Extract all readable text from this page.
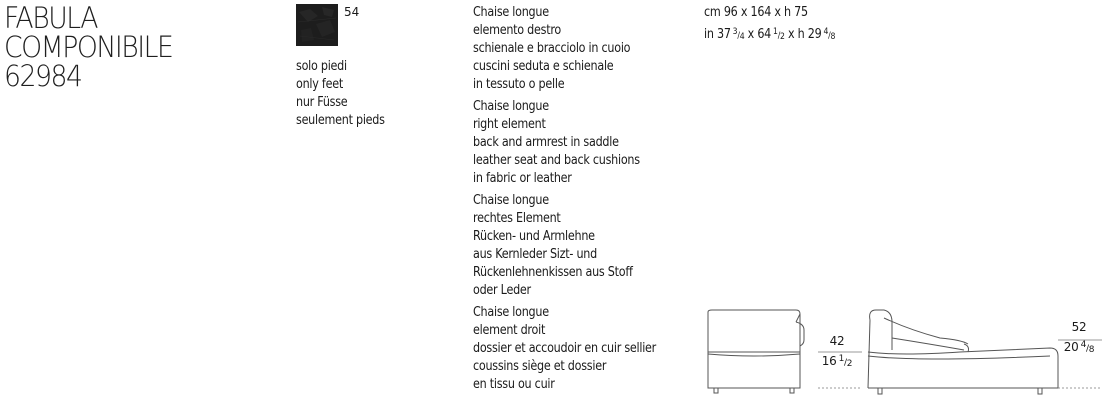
FABULA
COMPONIBILE
62984
54
solo piedi
only feet
nur Füsse
seulement pieds
Chaise longue
elemento destro
schienale e bracciolo in cuoio
cuscini seduta e schienale
in tessuto o pelle
Chaise longue
right element
back and armrest in saddle
leather seat and back cushions
in fabric or leather
Chaise longue
rechtes Element
Rücken- und Armlehne
aus Kernleder Sizt- und
Rückenlehnenkissen aus Stoff
oder Leder
Chaise longue
element droit
dossier et accoudoir en cuir sellier
coussins siège et dossier
en tissu ou cuir
cm 96 x 164 x h 75
in 37  3/4 x 64  1/2 x h 29  4/8
42
16  1/2
52
20  4/8
